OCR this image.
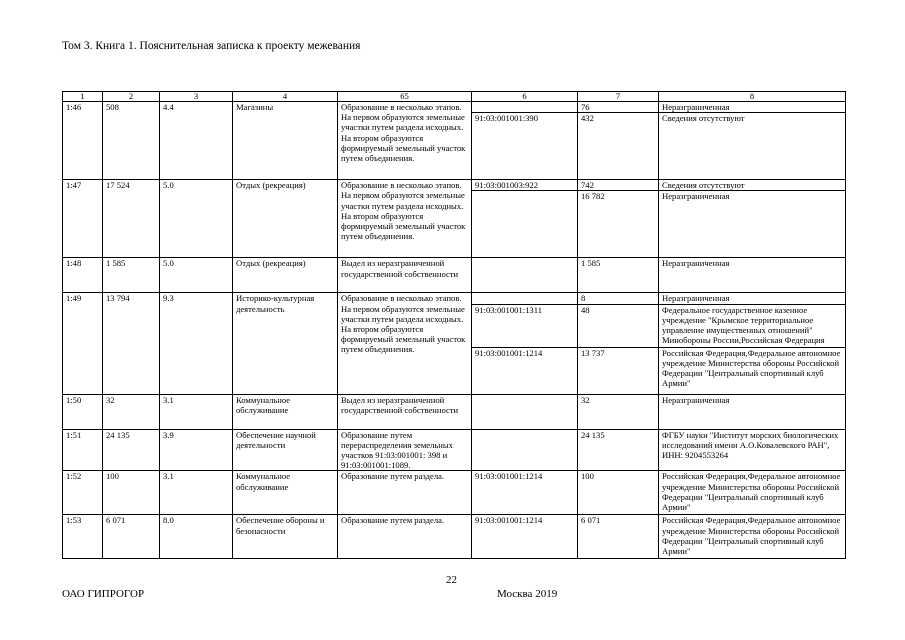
Том 3. Книга 1. Пояснительная записка к проекту межевания
1	2	3	4	65	6	7	8
1:46	508	4.4	Магазины	Образование в несколько этапов. На первом образуются земельные участки путем раздела исходных. На втором образуются формируемый земельный участок путем объединения.		76	Неразграниченная
					91:03:001001:390	432	Сведения отсутствуют
1:47	17 524	5.0	Отдых (рекреация)	Образование в несколько этапов. На первом образуются земельные участки путем раздела исходных. На втором образуются формируемый земельный участок путем объединения.	91:03:001003:922	742	Сведения отсутствуют
						16 782	Неразграниченная
1:48	1 585	5.0	Отдых (рекреация)	Выдел из неразграниченной государственной собственности		1 585	Неразграниченная
1:49	13 794	9.3	Историко-культурная деятельность	Образование в несколько этапов. На первом образуются земельные участки путем раздела исходных. На втором образуются формируемый земельный участок путем объединения.		8	Неразграниченная
					91:03:001001:1311	48	Федеральное государственное казенное учреждение "Крымское территориальное управление имущественных отношений" Минобороны России,Российская Федерация
					91:03:001001:1214	13 737	Российская Федерация,Федеральное автономное учреждение Министерства обороны Российской Федерации "Центральный спортивный клуб Армии"
1:50	32	3.1	Коммунальное обслуживание	Выдел из неразграниченной государственной собственности		32	Неразграниченная
1:51	24 135	3.9	Обеспечение научной деятельности	Образование путем перераспределения земельных участков 91:03:001001: 398 и 91:03:001001:1089.		24 135	ФГБУ науки "Институт морских биологических исследований имени А.О.Ковалевского РАН", ИНН: 9204553264
1:52	100	3.1	Коммунальное обслуживание	Образование путем раздела.	91:03:001001:1214	100	Российская Федерация,Федеральное автономное учреждение Министерства обороны Российской Федерации "Центральный спортивный клуб Армии"
1:53	6 071	8.0	Обеспечение обороны и безопасности	Образование путем раздела.	91:03:001001:1214	6 071	Российская Федерация,Федеральное автономное учреждение Министерства обороны Российской Федерации "Центральный спортивный клуб Армии"
22
ОАО ГИПРОГОР	Москва 2019
